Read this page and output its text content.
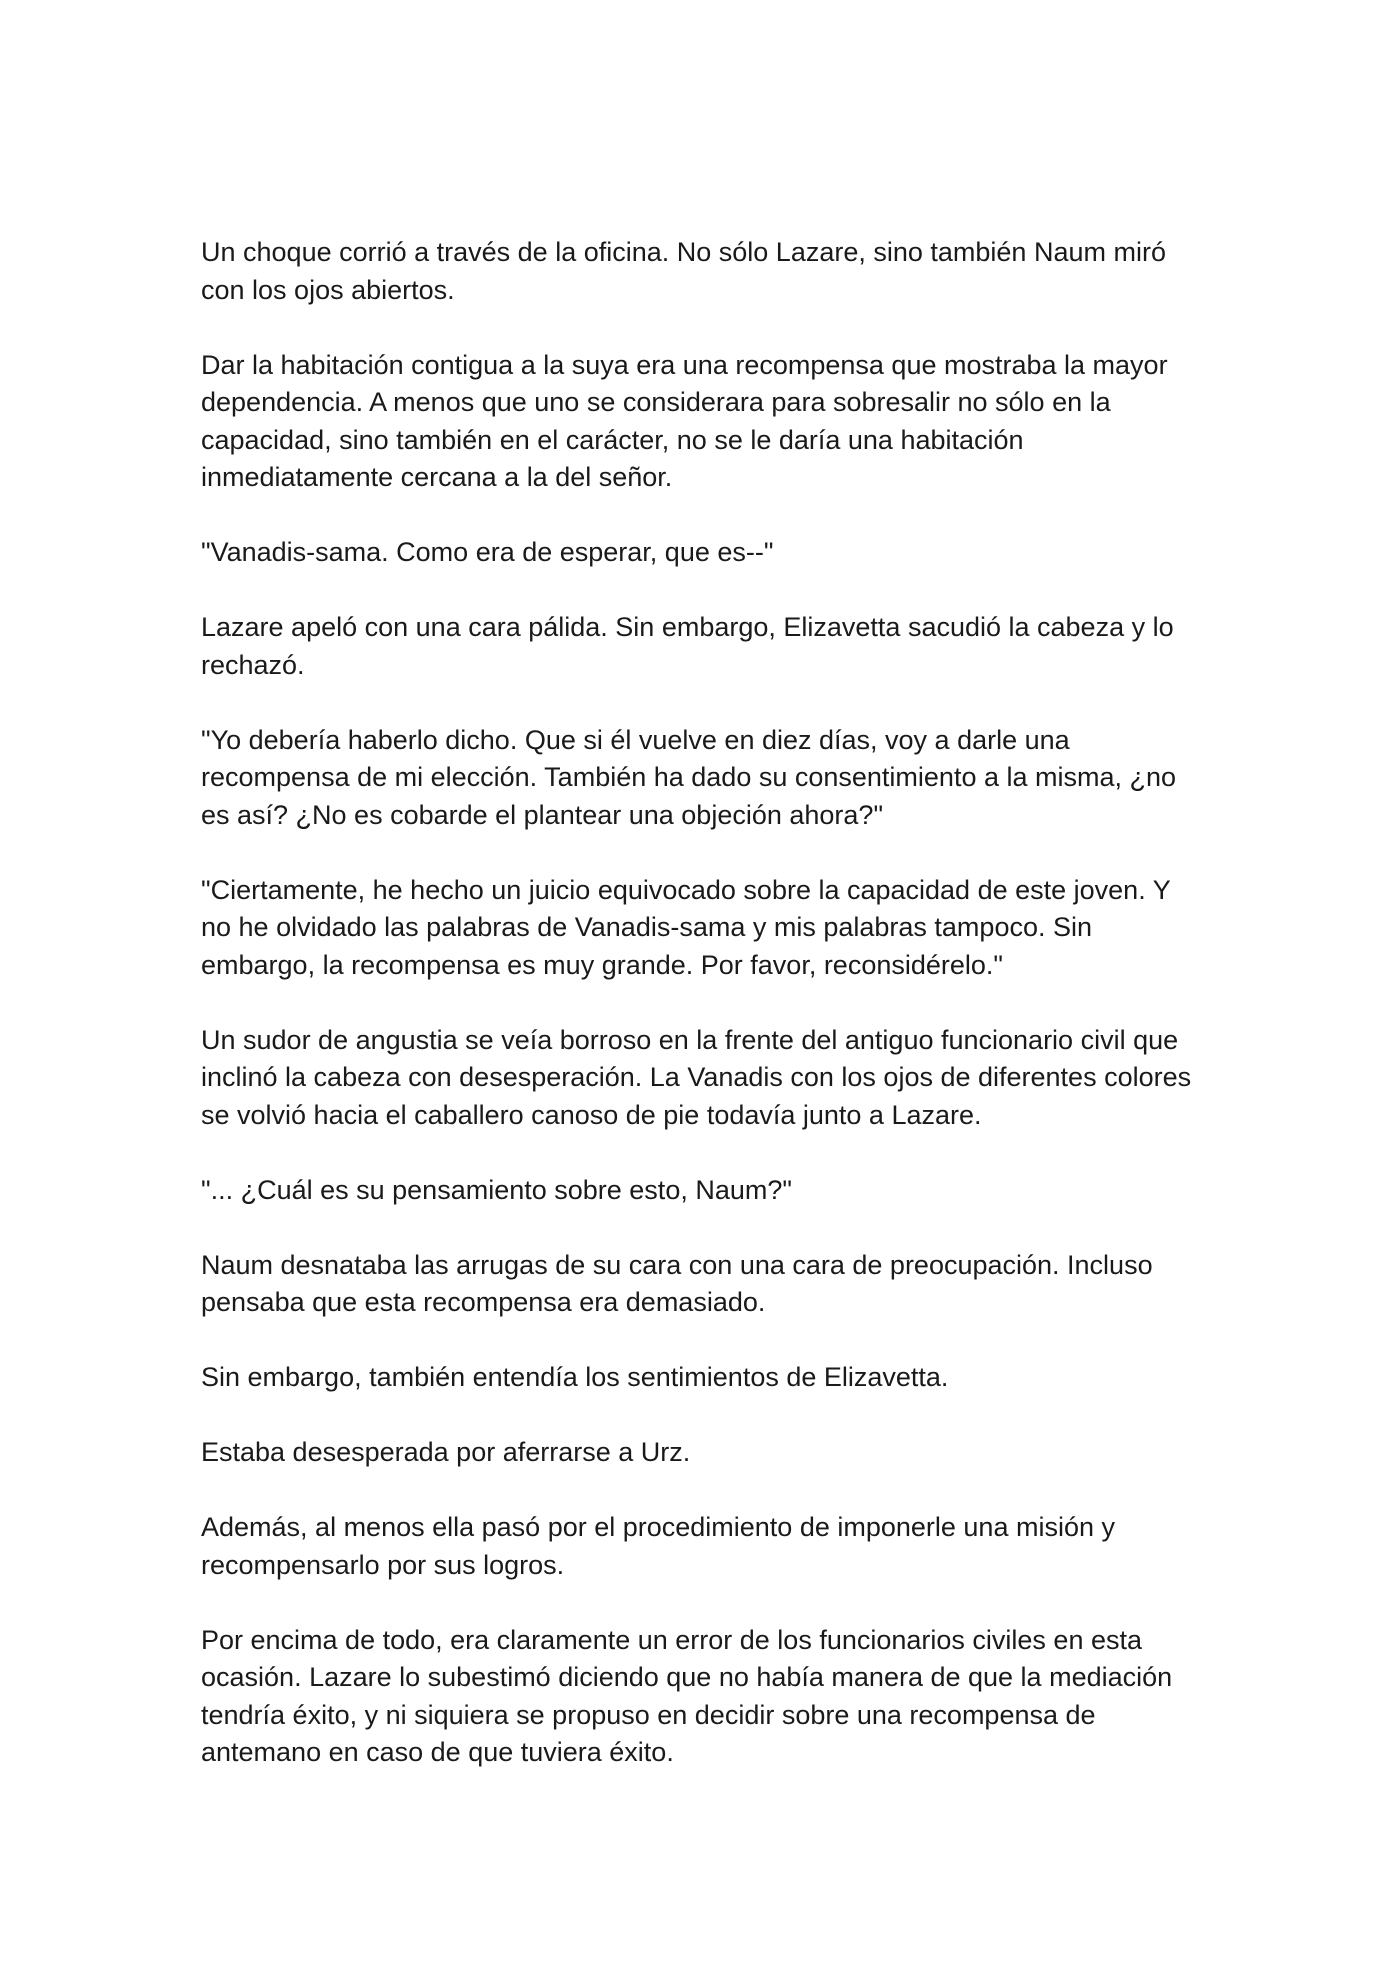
Un choque corrió a través de la oficina. No sólo Lazare, sino también Naum miró con los ojos abiertos.

Dar la habitación contigua a la suya era una recompensa que mostraba la mayor dependencia. A menos que uno se considerara para sobresalir no sólo en la capacidad, sino también en el carácter, no se le daría una habitación inmediatamente cercana a la del señor.

"Vanadis-sama. Como era de esperar, que es--"

Lazare apeló con una cara pálida. Sin embargo, Elizavetta sacudió la cabeza y lo rechazó.

"Yo debería haberlo dicho. Que si él vuelve en diez días, voy a darle una recompensa de mi elección. También ha dado su consentimiento a la misma, ¿no es así? ¿No es cobarde el plantear una objeción ahora?"

"Ciertamente, he hecho un juicio equivocado sobre la capacidad de este joven. Y no he olvidado las palabras de Vanadis-sama y mis palabras tampoco. Sin embargo, la recompensa es muy grande. Por favor, reconsidérelo."

Un sudor de angustia se veía borroso en la frente del antiguo funcionario civil que inclinó la cabeza con desesperación. La Vanadis con los ojos de diferentes colores se volvió hacia el caballero canoso de pie todavía junto a Lazare.

"... ¿Cuál es su pensamiento sobre esto, Naum?"

Naum desnataba las arrugas de su cara con una cara de preocupación. Incluso pensaba que esta recompensa era demasiado.

Sin embargo, también entendía los sentimientos de Elizavetta.

Estaba desesperada por aferrarse a Urz.

Además, al menos ella pasó por el procedimiento de imponerle una misión y recompensarlo por sus logros.

Por encima de todo, era claramente un error de los funcionarios civiles en esta ocasión. Lazare lo subestimó diciendo que no había manera de que la mediación tendría éxito, y ni siquiera se propuso en decidir sobre una recompensa de antemano en caso de que tuviera éxito.
